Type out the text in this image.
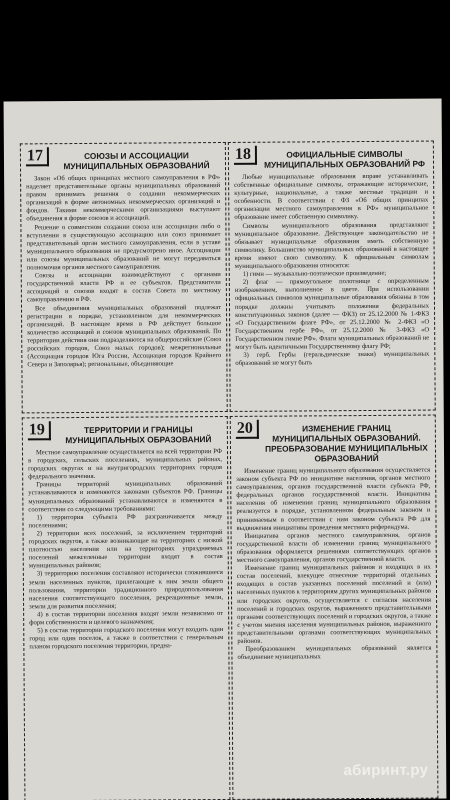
17	СОЮЗЫ И АССОЦИАЦИИ МУНИЦИПАЛЬНЫХ ОБРАЗОВАНИЙ

Закон «Об общих принципах местного самоуправления в РФ» наделяет представительные органы муниципальных образований правом принимать решения о создании некоммерческих организаций в форме автономных некоммерческих организаций и фондов. Такими некоммерческими организациями выступают объединения в форме союзов и ассоциаций.

Решение о совместном создании союза или ассоциации либо о вступлении в существующую ассоциацию или союз принимает представительный орган местного самоуправления, если в уставе муниципального образования не предусмотрено иное. Ассоциации или союзы муниципальных образований не могут передаваться полномочия органов местного самоуправления.

Союзы и ассоциации взаимодействуют с органами государственной власти РФ и ее субъектов. Представители ассоциаций и союзов входят в состав Совета по местному самоуправлению в РФ.

Все объединения муниципальных образований подлежат регистрации в порядке, установленном для некоммерческих организаций. В настоящее время в РФ действует большое количество ассоциаций и союзов муниципальных образований. По территории действия они подразделяются на общероссийские (Союз российских городов, Союз малых городов); межрегиональные (Ассоциация городов Юга России, Ассоциация городов Крайнего Севера и Заполярья); региональные, объединяющие

18	ОФИЦИАЛЬНЫЕ СИМВОЛЫ МУНИЦИПАЛЬНЫХ ОБРАЗОВАНИЙ РФ

Любые муниципальные образования вправе устанавливать собственные официальные символы, отражающие исторические, культурные, национальные, а также местные традиции и особенности. В соответствии с ФЗ «Об общих принципах организации местного самоуправления в РФ» муниципальное образование имеет собственную символику.

Символы муниципального образования представляют муниципальное образование. Действующее законодательство не обязывает муниципальные образования иметь собственную символику. Большинство муниципальных образований в настоящее время имеют свою символику. К официальным символам муниципального образования относятся:

1) гимн — музыкально-поэтическое произведение;

2) флаг — прямоугольное полотнище с определенным изображением, выполненное в цвете. При использовании официальных символов муниципальные образования обязаны в том порядке должны учитывать положения федеральных конституционных законов (далее — ФКЗ) от 25.12.2000 № 1-ФКЗ «О Государственном флаге РФ», от 25.12.2000 № 2-ФКЗ «О Государственном гербе РФ», от 25.12.2000 № 3-ФКЗ «О Государственном гимне РФ». Флаги муниципальных образований не могут быть идентичными Государственному флагу РФ;

3) герб. Гербы (геральдические знаки) муниципальных образований не могут быть

19	ТЕРРИТОРИИ И ГРАНИЦЫ МУНИЦИПАЛЬНЫХ ОБРАЗОВАНИЙ

Местное самоуправление осуществляется на всей территории РФ в городских, сельских поселениях, муниципальных районах, городских округах и на внутригородских территориях городов федерального значения.

Границы территорий муниципальных образований устанавливаются и изменяются законами субъектов РФ. Границы муниципальных образований устанавливаются и изменяются в соответствии со следующими требованиями:

1) территория субъекта РФ разграничивается между поселениями;

2) территории всех поселений, за исключением территорий городских округов, а также возникающие на территориях с низкой плотностью населения или на территориях упраздняемых поселений межселенные территории входят в состав муниципальных районов;

3) территорию поселения составляют исторически сложившиеся земли населенных пунктов, прилегающие к ним земли общего пользования, территории традиционного природопользования населения соответствующего поселения, рекреационные земли, земли для развития поселения;

4) в состав территории поселения входят земли независимо от форм собственности и целевого назначения;

5) в состав территории городского поселения могут входить один город или один поселок, а также в соответствии с генеральным планом городского поселения территории, предна-

20	ИЗМЕНЕНИЕ ГРАНИЦ МУНИЦИПАЛЬНЫХ ОБРАЗОВАНИЙ. ПРЕОБРАЗОВАНИЕ МУНИЦИПАЛЬНЫХ ОБРАЗОВАНИЙ

Изменение границ муниципального образования осуществляется законом субъекта РФ по инициативе населения, органов местного самоуправления, органов государственной власти субъекта РФ, федеральных органов государственной власти. Инициатива населения об изменении границ муниципального образования реализуется в порядке, установленном федеральным законом и принимаемым в соответствии с ним законом субъекта РФ для выдвижения инициативы проведения местного референдума.

Инициатива органов местного самоуправления, органов государственной власти об изменении границ муниципального образования оформляется решениями соответствующих органов местного самоуправления, органов государственной власти.

Изменение границ муниципальных районов и входящих в их состав поселений, влекущее отнесение территорий отдельных входящих в состав указанных поселений поселений и (или) населенных пунктов к территориям других муниципальных районов или городских округов, осуществляется с согласия населения поселений и городских округов, выраженного представительными органами соответствующих поселений и городских округов, а также с учетом мнения населения муниципальных районов, выраженного представительными органами соответствующих муниципальных районов.

Преобразованием муниципальных образований является объединение муниципальных

абиринт.ру
